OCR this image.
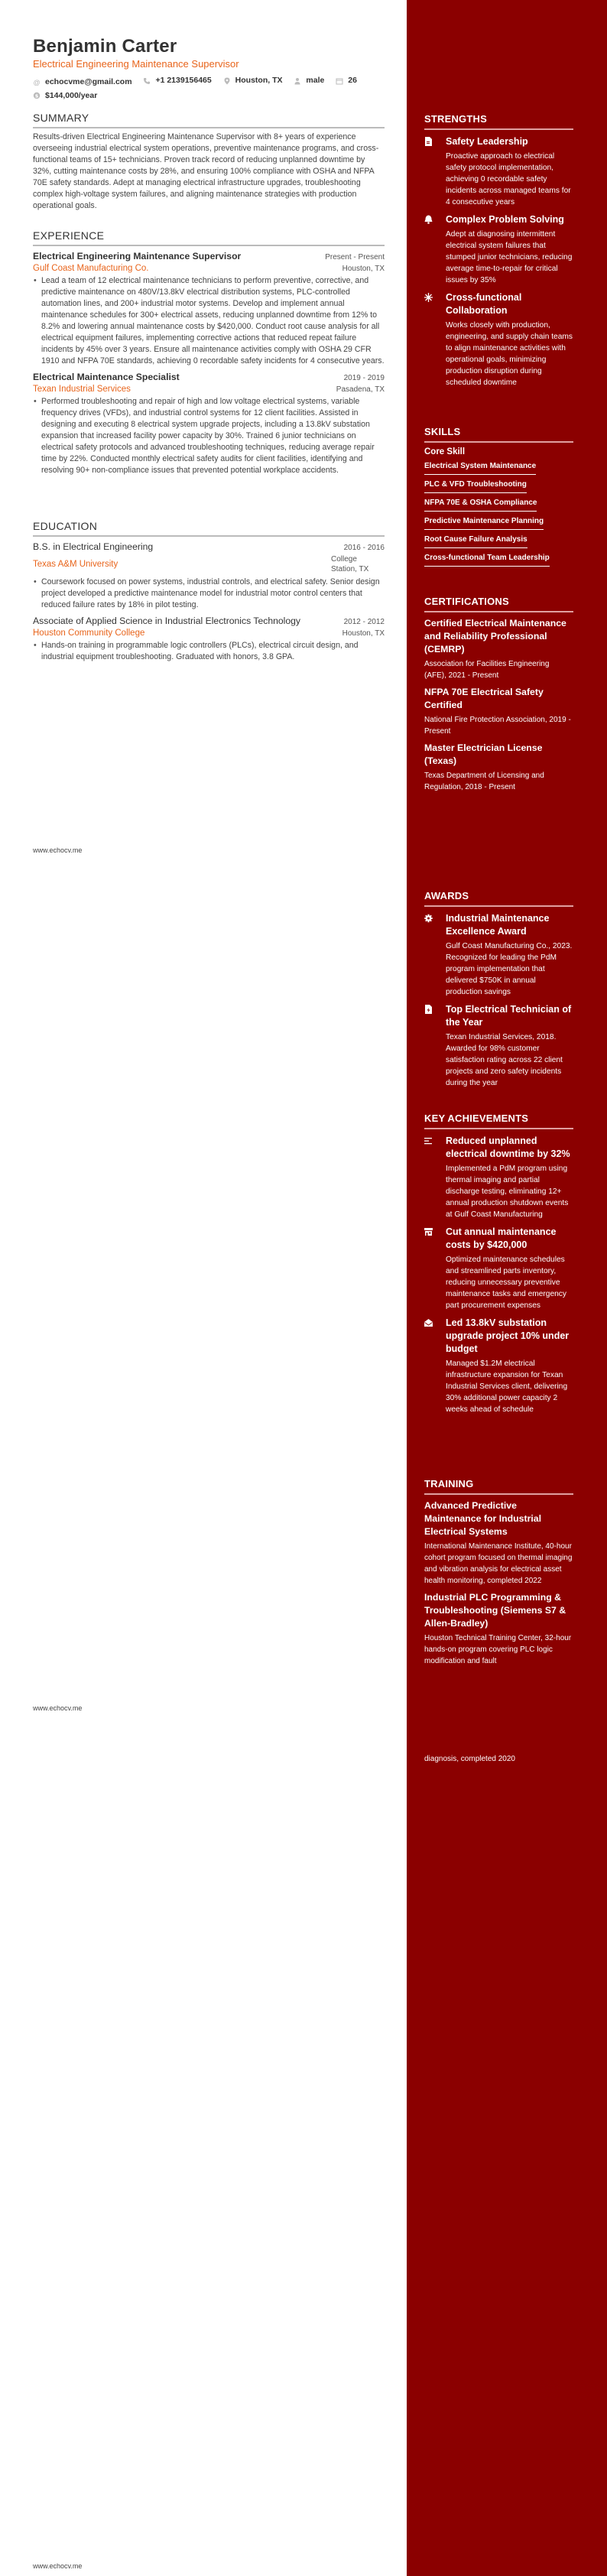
Benjamin Carter
Electrical Engineering Maintenance Supervisor
@ echocvme@gmail.com
	+1 2139156465
	Houston, TX
	male
	26

$ $144,000/year
SUMMARY

Results-driven Electrical Engineering Maintenance Supervisor with 8+ years of experience overseeing industrial electrical system operations, preventive maintenance programs, and cross-functional teams of 15+ technicians. Proven track record of reducing unplanned downtime by 32%, cutting maintenance costs by 28%, and ensuring 100% compliance with OSHA and NFPA 70E safety standards. Adept at managing electrical infrastructure upgrades, troubleshooting complex high-voltage system failures, and aligning maintenance strategies with production operational goals.

EXPERIENCE
Electrical Engineering Maintenance Supervisor	Present - Present
Gulf Coast Manufacturing Co.	Houston, TX
• Lead a team of 12 electrical maintenance technicians to perform preventive, corrective, and predictive maintenance on 480V/13.8kV electrical distribution systems, PLC-controlled automation lines, and 200+ industrial motor systems. Develop and implement annual maintenance schedules for 300+ electrical assets, reducing unplanned downtime from 12% to 8.2% and lowering annual maintenance costs by $420,000. Conduct root cause analysis for all electrical equipment failures, implementing corrective actions that reduced repeat failure incidents by 45% over 3 years. Ensure all maintenance activities comply with OSHA 29 CFR 1910 and NFPA 70E standards, achieving 0 recordable safety incidents for 4 consecutive years.
Electrical Maintenance Specialist	2019 - 2019
Texan Industrial Services	Pasadena, TX
• Performed troubleshooting and repair of high and low voltage electrical systems, variable frequency drives (VFDs), and industrial control systems for 12 client facilities. Assisted in designing and executing 8 electrical system upgrade projects, including a 13.8kV substation expansion that increased facility power capacity by 30%. Trained 6 junior technicians on electrical safety protocols and advanced troubleshooting techniques, reducing average repair time by 22%. Conducted monthly electrical safety audits for client facilities, identifying and resolving 90+ non-compliance issues that prevented potential workplace accidents.
EDUCATION
B.S. in Electrical Engineering	2016 - 2016
Texas A&M University
College Station, TX
• Coursework focused on power systems, industrial controls, and electrical safety. Senior design project developed a predictive maintenance model for industrial motor control centers that reduced failure rates by 18% in pilot testing.
Associate of Applied Science in Industrial Electronics Technology	2012 - 2012
Houston Community College	Houston, TX
• Hands-on training in programmable logic controllers (PLCs), electrical circuit design, and industrial equipment troubleshooting. Graduated with honors, 3.8 GPA.
www.echocv.me
www.echocv.me
www.echocv.me
STRENGTHS
Safety Leadership
Proactive approach to electrical safety protocol implementation, achieving 0 recordable safety incidents across managed teams for 4 consecutive years
Complex Problem Solving
Adept at diagnosing intermittent electrical system failures that stumped junior technicians, reducing average time-to-repair for critical issues by 35%
Cross-functional Collaboration
Works closely with production, engineering, and supply chain teams to align maintenance activities with operational goals, minimizing production disruption during scheduled downtime
SKILLS
Core Skill
Electrical System Maintenance
PLC & VFD Troubleshooting
NFPA 70E & OSHA Compliance
Predictive Maintenance Planning
Root Cause Failure Analysis
Cross-functional Team Leadership
CERTIFICATIONS
Certified Electrical Maintenance and Reliability Professional (CEMRP)
Association for Facilities Engineering (AFE), 2021 - Present
NFPA 70E Electrical Safety Certified
National Fire Protection Association, 2019 - Present
Master Electrician License (Texas)
Texas Department of Licensing and Regulation, 2018 - Present
AWARDS
Industrial Maintenance Excellence Award
Gulf Coast Manufacturing Co., 2023. Recognized for leading the PdM program implementation that delivered $750K in annual production savings
Top Electrical Technician of the Year
Texan Industrial Services, 2018. Awarded for 98% customer satisfaction rating across 22 client projects and zero safety incidents during the year
KEY ACHIEVEMENTS
Reduced unplanned electrical downtime by 32%
Implemented a PdM program using thermal imaging and partial discharge testing, eliminating 12+ annual production shutdown events at Gulf Coast Manufacturing
Cut annual maintenance costs by $420,000
Optimized maintenance schedules and streamlined parts inventory, reducing unnecessary preventive maintenance tasks and emergency part procurement expenses
Led 13.8kV substation upgrade project 10% under budget
Managed $1.2M electrical infrastructure expansion for Texan Industrial Services client, delivering 30% additional power capacity 2 weeks ahead of schedule
TRAINING
Advanced Predictive Maintenance for Industrial Electrical Systems
International Maintenance Institute, 40-hour cohort program focused on thermal imaging and vibration analysis for electrical asset health monitoring, completed 2022
Industrial PLC Programming & Troubleshooting (Siemens S7 & Allen-Bradley)
Houston Technical Training Center, 32-hour hands-on program covering PLC logic modification and fault
diagnosis, completed 2020
